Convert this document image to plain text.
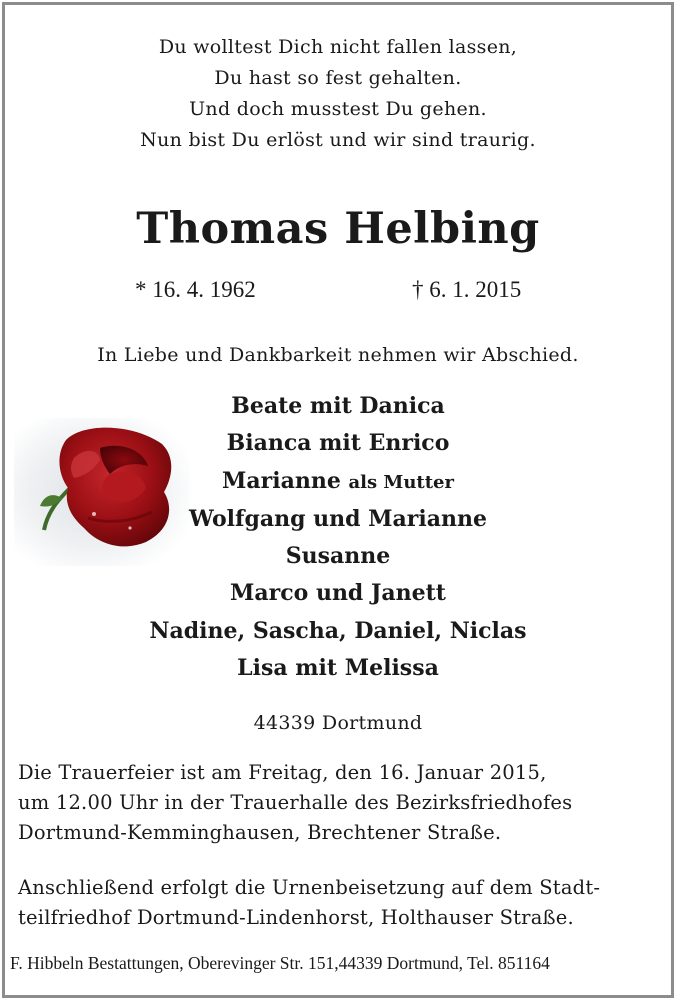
Du wolltest Dich nicht fallen lassen,
Du hast so fest gehalten.
Und doch musstest Du gehen.
Nun bist Du erlöst und wir sind traurig.
Thomas Helbing
* 16. 4. 1962	† 6. 1. 2015
In Liebe und Dankbarkeit nehmen wir Abschied.
Beate mit Danica
Bianca mit Enrico
Marianne als Mutter
Wolfgang und Marianne
Susanne
Marco und Janett
Nadine, Sascha, Daniel, Niclas
Lisa mit Melissa
44339 Dortmund
Die Trauerfeier ist am Freitag, den 16. Januar 2015,
um 12.00 Uhr in der Trauerhalle des Bezirksfriedhofes
Dortmund-Kemminghausen, Brechtener Straße.
Anschließend erfolgt die Urnenbeisetzung auf dem Stadt-
teilfriedhof Dortmund-Lindenhorst, Holthauser Straße.
F. Hibbeln Bestattungen, Oberevinger Str. 151,44339 Dortmund, Tel. 851164
